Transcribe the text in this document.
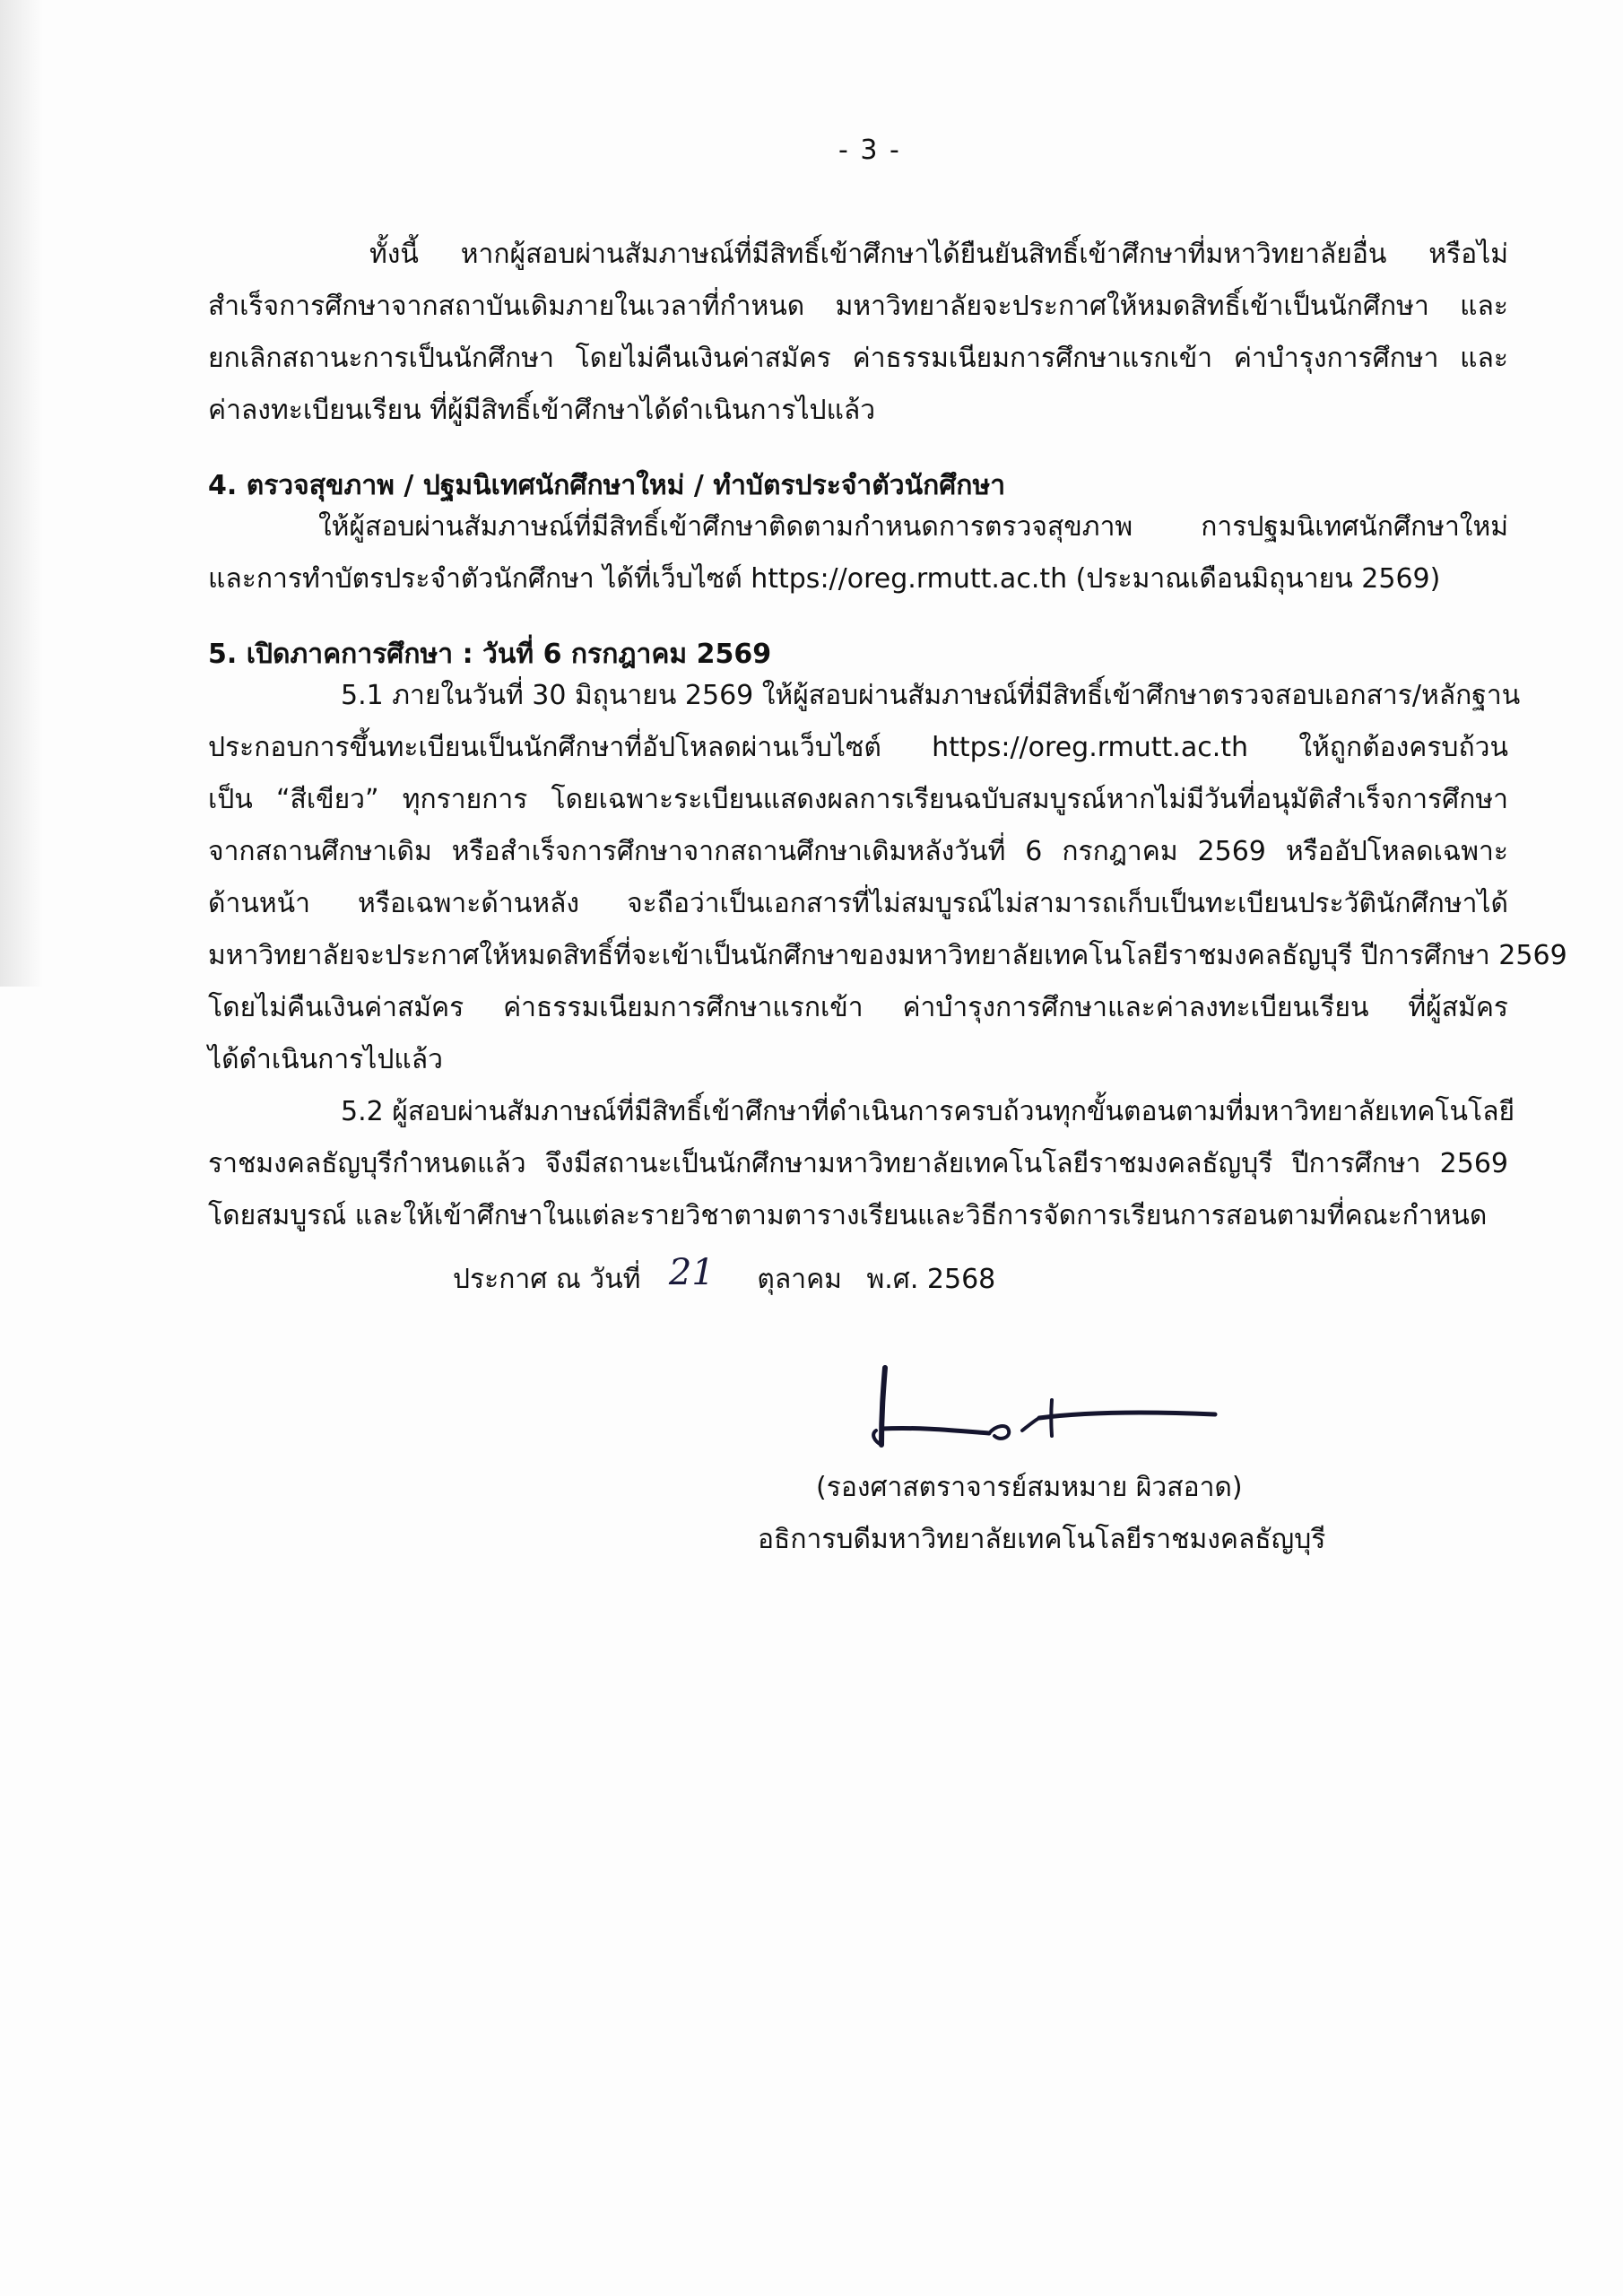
- 3 -
ทั้งนี้ หากผู้สอบผ่านสัมภาษณ์ที่มีสิทธิ์เข้าศึกษาได้ยืนยันสิทธิ์เข้าศึกษาที่มหาวิทยาลัยอื่น หรือไม่
สำเร็จการศึกษาจากสถาบันเดิมภายในเวลาที่กำหนด มหาวิทยาลัยจะประกาศให้หมดสิทธิ์เข้าเป็นนักศึกษา และ
ยกเลิกสถานะการเป็นนักศึกษา โดยไม่คืนเงินค่าสมัคร ค่าธรรมเนียมการศึกษาแรกเข้า ค่าบำรุงการศึกษา และ
ค่าลงทะเบียนเรียน ที่ผู้มีสิทธิ์เข้าศึกษาได้ดำเนินการไปแล้ว
4. ตรวจสุขภาพ / ปฐมนิเทศนักศึกษาใหม่ / ทำบัตรประจำตัวนักศึกษา
ให้ผู้สอบผ่านสัมภาษณ์ที่มีสิทธิ์เข้าศึกษาติดตามกำหนดการตรวจสุขภาพ การปฐมนิเทศนักศึกษาใหม่
และการทำบัตรประจำตัวนักศึกษา ได้ที่เว็บไซต์ https://oreg.rmutt.ac.th (ประมาณเดือนมิถุนายน 2569)
5. เปิดภาคการศึกษา : วันที่ 6 กรกฎาคม 2569
5.1 ภายในวันที่ 30 มิถุนายน 2569 ให้ผู้สอบผ่านสัมภาษณ์ที่มีสิทธิ์เข้าศึกษาตรวจสอบเอกสาร/หลักฐาน
ประกอบการขึ้นทะเบียนเป็นนักศึกษาที่อัปโหลดผ่านเว็บไซต์ https://oreg.rmutt.ac.th ให้ถูกต้องครบถ้วน
เป็น “สีเขียว” ทุกรายการ โดยเฉพาะระเบียนแสดงผลการเรียนฉบับสมบูรณ์หากไม่มีวันที่อนุมัติสำเร็จการศึกษา
จากสถานศึกษาเดิม หรือสำเร็จการศึกษาจากสถานศึกษาเดิมหลังวันที่ 6 กรกฎาคม 2569 หรืออัปโหลดเฉพาะ
ด้านหน้า หรือเฉพาะด้านหลัง จะถือว่าเป็นเอกสารที่ไม่สมบูรณ์ไม่สามารถเก็บเป็นทะเบียนประวัตินักศึกษาได้
มหาวิทยาลัยจะประกาศให้หมดสิทธิ์ที่จะเข้าเป็นนักศึกษาของมหาวิทยาลัยเทคโนโลยีราชมงคลธัญบุรี ปีการศึกษา 2569
โดยไม่คืนเงินค่าสมัคร ค่าธรรมเนียมการศึกษาแรกเข้า ค่าบำรุงการศึกษาและค่าลงทะเบียนเรียน ที่ผู้สมัคร
ได้ดำเนินการไปแล้ว
5.2 ผู้สอบผ่านสัมภาษณ์ที่มีสิทธิ์เข้าศึกษาที่ดำเนินการครบถ้วนทุกขั้นตอนตามที่มหาวิทยาลัยเทคโนโลยี
ราชมงคลธัญบุรีกำหนดแล้ว จึงมีสถานะเป็นนักศึกษามหาวิทยาลัยเทคโนโลยีราชมงคลธัญบุรี ปีการศึกษา 2569
โดยสมบูรณ์ และให้เข้าศึกษาในแต่ละรายวิชาตามตารางเรียนและวิธีการจัดการเรียนการสอนตามที่คณะกำหนด
ประกาศ ณ วันที่ 21 ตุลาคม พ.ศ. 2568
(รองศาสตราจารย์สมหมาย ผิวสอาด)
อธิการบดีมหาวิทยาลัยเทคโนโลยีราชมงคลธัญบุรี
